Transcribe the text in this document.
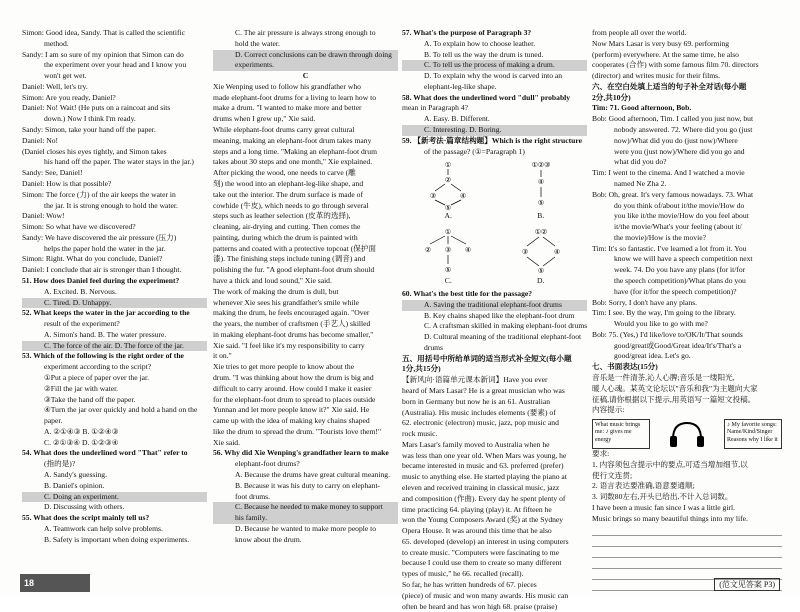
Simon: Good idea, Sandy. That is called the scientific
method.
Sandy: I am so sure of my opinion that Simon can do
the experiment over your head and I know you
won't get wet.
Daniel: Well, let's try.
Simon: Are you ready, Daniel?
Daniel: No! Wait! (He puts on a raincoat and sits
down.) Now I think I'm ready.
Sandy: Simon, take your hand off the paper.
Daniel: No!
(Daniel closes his eyes tightly, and Simon takes
his hand off the paper. The water stays in the jar.)
Sandy: See, Daniel!
Daniel: How is that possible?
Simon: The force (力) of the air keeps the water in
the jar. It is strong enough to hold the water.
Daniel: Wow!
Simon: So what have we discovered?
Sandy: We have discovered the air pressure (压力)
helps the paper hold the water in the jar.
Simon: Right. What do you conclude, Daniel?
Daniel: I conclude that air is stronger than I thought.
51. How does Daniel feel during the experiment?
A. Excited. B. Nervous.
C. Tired. D. Unhappy.
52. What keeps the water in the jar according to the
result of the experiment?
A. Simon's hand. B. The water pressure.
C. The force of the air. D. The force of the jar.
53. Which of the following is the right order of the
experiment according to the script?
①Put a piece of paper over the jar.
②Fill the jar with water.
③Take the hand off the paper.
④Turn the jar over quickly and hold a hand on the
paper.
A. ②①④③ B. ①②④③
C. ②①③④ D. ①②③④
54. What does the underlined word "That" refer to
(指的是)?
A. Sandy's guessing.
B. Daniel's opinion.
C. Doing an experiment.
D. Discussing with others.
55. What does the script mainly tell us?
A. Teamwork can help solve problems.
B. Safety is important when doing experiments.
C. The air pressure is always strong enough to
hold the water.
D. Correct conclusions can be drawn through doing
experiments.
C
Xie Wenping used to follow his grandfather who
made elephant-foot drums for a living to learn how to
make a drum. "I wanted to make more and better
drums when I grew up," Xie said.
While elephant-foot drums carry great cultural
meaning, making an elephant-foot drum takes many
steps and a long time. "Making an elephant-foot drum
takes about 30 steps and one month," Xie explained.
After picking the wood, one needs to carve (雕
刻) the wood into an elephant-leg-like shape, and
take out the interior. The drum surface is made of
cowhide (牛皮), which needs to go through several
steps such as leather selection (皮革的选择),
cleaning, air-drying and cutting. Then comes the
painting, during which the drum is painted with
patterns and coated with a protective topcoat (保护面
漆). The finishing steps include tuning (调音) and
polishing the fur. "A good elephant-foot drum should
have a thick and loud sound," Xie said.
The work of making the drum is dull, but
whenever Xie sees his grandfather's smile while
making the drum, he feels encouraged again. "Over
the years, the number of craftsmen (手艺人) skilled
in making elephant-foot drums has become smaller,"
Xie said. "I feel like it's my responsibility to carry
it on."
Xie tries to get more people to know about the
drum. "I was thinking about how the drum is big and
difficult to carry around. How could I make it easier
for the elephant-foot drum to spread to places outside
Yunnan and let more people know it?" Xie said. He
came up with the idea of making key chains shaped
like the drum to spread the drum. "Tourists love them!"
Xie said.
56. Why did Xie Wenping's grandfather learn to make
elephant-foot drums?
A. Because the drums have great cultural meaning.
B. Because it was his duty to carry on elephant-
foot drums.
C. Because he needed to make money to support
his family.
D. Because he wanted to make more people to
know about the drum.
57. What's the purpose of Paragraph 3?
A. To explain how to choose leather.
B. To tell us the way the drum is tuned.
C. To tell us the process of making a drum.
D. To explain why the wood is carved into an
elephant-leg-like shape.
58. What does the underlined word "dull" probably
mean in Paragraph 4?
A. Easy. B. Different.
C. Interesting. D. Boring.
59. 【新考法·篇章结构题】Which is the right structure
of the passage? (①=Paragraph 1)
①
②
③	④
⑤
A.
①②③
④
⑤
B.
①
② ③ ④
⑤
C.
①②
③	④
⑤
D.
60. What's the best title for the passage?
A. Saving the traditional elephant-foot drums
B. Key chains shaped like the elephant-foot drum
C. A craftsman skilled in making elephant-foot drums
D. Cultural meaning of the traditional elephant-foot
drums
五、用括号中所给单词的适当形式补全短文(每小题
1分,共15分)
【新风向·语篇单元课本新词】Have you ever
heard of Mars Lasar? He is a great musician who was
born in Germany but now he is an 61. Australian
(Australia). His music includes elements (要素) of
62. electronic (electron) music, jazz, pop music and
rock music.
Mars Lasar's family moved to Australia when he
was less than one year old. When Mars was young, he
became interested in music and 63. preferred (prefer)
music to anything else. He started playing the piano at
eleven and received training in classical music, jazz
and composition (作曲). Every day he spent plenty of
time practicing 64. playing (play) it. At fifteen he
won the Young Composers Award (奖) at the Sydney
Opera House. It was around this time that he also
65. developed (develop) an interest in using computers
to create music. "Computers were fascinating to me
because I could use them to create so many different
types of music," he 66. recalled (recall).
So far, he has written hundreds of 67. pieces
(piece) of music and won many awards. His music can
often be heard and has won high 68. praise (praise)
from people all over the world.
Now Mars Lasar is very busy 69. performing
(perform) everywhere. At the same time, he also
cooperates (合作) with some famous film 70. directors
(director) and writes music for their films.
六、在空白处填上适当的句子补全对话(每小题
2分,共10分)
Tim: 71. Good afternoon, Bob.
Bob: Good afternoon, Tim. I called you just now, but
nobody answered. 72. Where did you go (just
now)/What did you do (just now)/Where
were you (just now)/Where did you go and
what did you do?
Tim: I went to the cinema. And I watched a movie
named Ne Zha 2.
Bob: Oh, great. It's very famous nowadays. 73. What
do you think of/about it/the movie/How do
you like it/the movie/How do you feel about
it/the movie/What's your feeling (about it/
the movie)/How is the movie?
Tim: It's so fantastic. I've learned a lot from it. You
know we will have a speech competition next
week. 74. Do you have any plans (for it/for
the speech competition)/What plans do you
have (for it/for the speech competition)?
Bob: Sorry, I don't have any plans.
Tim: I see. By the way, I'm going to the library.
Would you like to go with me?
Bob: 75. (Yes,) I'd like/love to/OK/It/That sounds
good/great或Good/Great idea/It's/That's a
good/great idea. Let's go.
七、书面表达(15分)
音乐是一件清茶,沁人心脾;音乐是一缕阳光,
暖人心魂。某英文论坛以"音乐和我"为主题向大家
征稿,请你根据以下提示,用英语写一篇短文投稿。
内容提示:
What music brings me: ♪ gives me energy
♪ My favorite songs: Name/Kind/Singer Reasons why I like it
要求:
1. 内容须包含提示中的要点,可适当增加细节,以
使行文连贯;
2. 语言表达要准确,语意要通顺;
3. 词数80左右,开头已给出,不计入总词数。
I have been a music fan since I was a little girl.
Music brings so many beautiful things into my life.
18	(范文见答案 P3)
